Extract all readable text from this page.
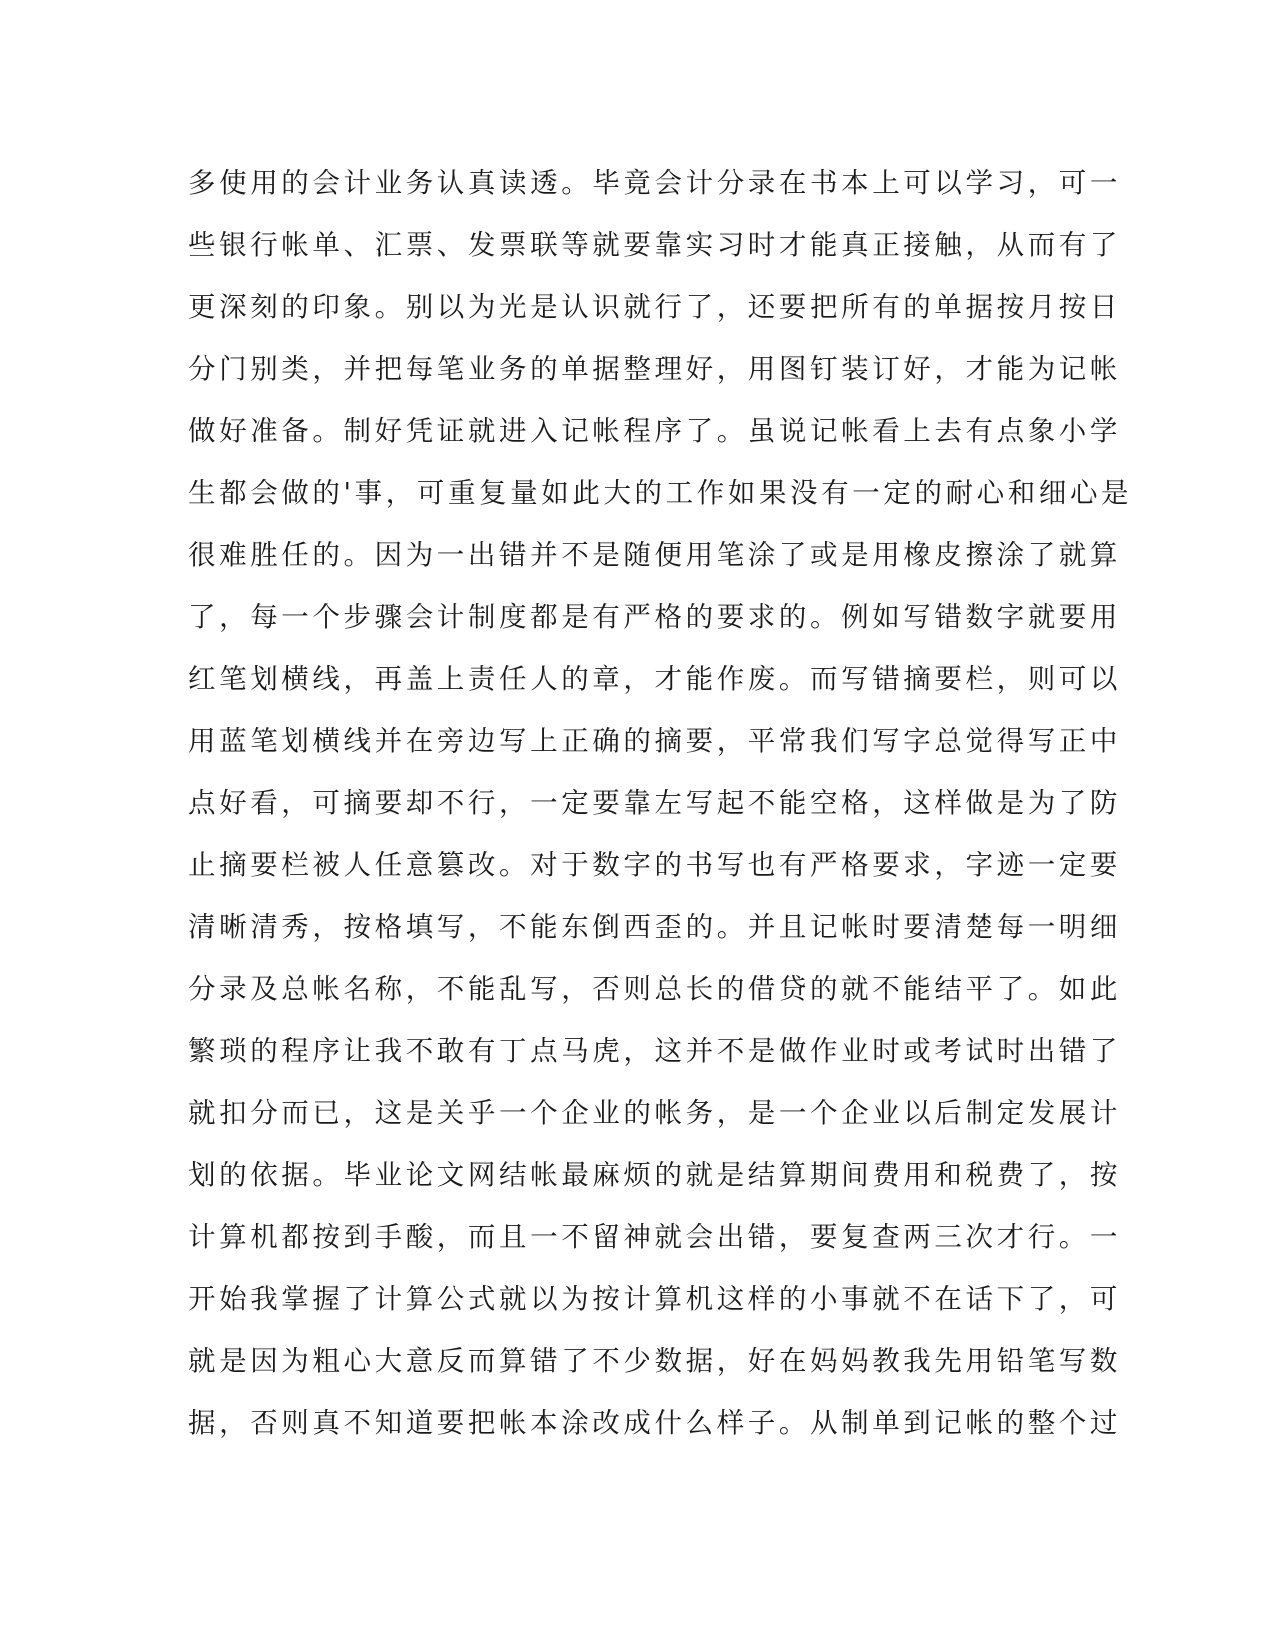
多使用的会计业务认真读透。毕竟会计分录在书本上可以学习，可一
些银行帐单、汇票、发票联等就要靠实习时才能真正接触，从而有了
更深刻的印象。别以为光是认识就行了，还要把所有的单据按月按日
分门别类，并把每笔业务的单据整理好，用图钉装订好，才能为记帐
做好准备。制好凭证就进入记帐程序了。虽说记帐看上去有点象小学
生都会做的'事，可重复量如此大的工作如果没有一定的耐心和细心是
很难胜任的。因为一出错并不是随便用笔涂了或是用橡皮擦涂了就算
了，每一个步骤会计制度都是有严格的要求的。例如写错数字就要用
红笔划横线，再盖上责任人的章，才能作废。而写错摘要栏，则可以
用蓝笔划横线并在旁边写上正确的摘要，平常我们写字总觉得写正中
点好看，可摘要却不行，一定要靠左写起不能空格，这样做是为了防
止摘要栏被人任意篡改。对于数字的书写也有严格要求，字迹一定要
清晰清秀，按格填写，不能东倒西歪的。并且记帐时要清楚每一明细
分录及总帐名称，不能乱写，否则总长的借贷的就不能结平了。如此
繁琐的程序让我不敢有丁点马虎，这并不是做作业时或考试时出错了
就扣分而已，这是关乎一个企业的帐务，是一个企业以后制定发展计
划的依据。毕业论文网结帐最麻烦的就是结算期间费用和税费了，按
计算机都按到手酸，而且一不留神就会出错，要复查两三次才行。一
开始我掌握了计算公式就以为按计算机这样的小事就不在话下了，可
就是因为粗心大意反而算错了不少数据，好在妈妈教我先用铅笔写数
据，否则真不知道要把帐本涂改成什么样子。从制单到记帐的整个过
